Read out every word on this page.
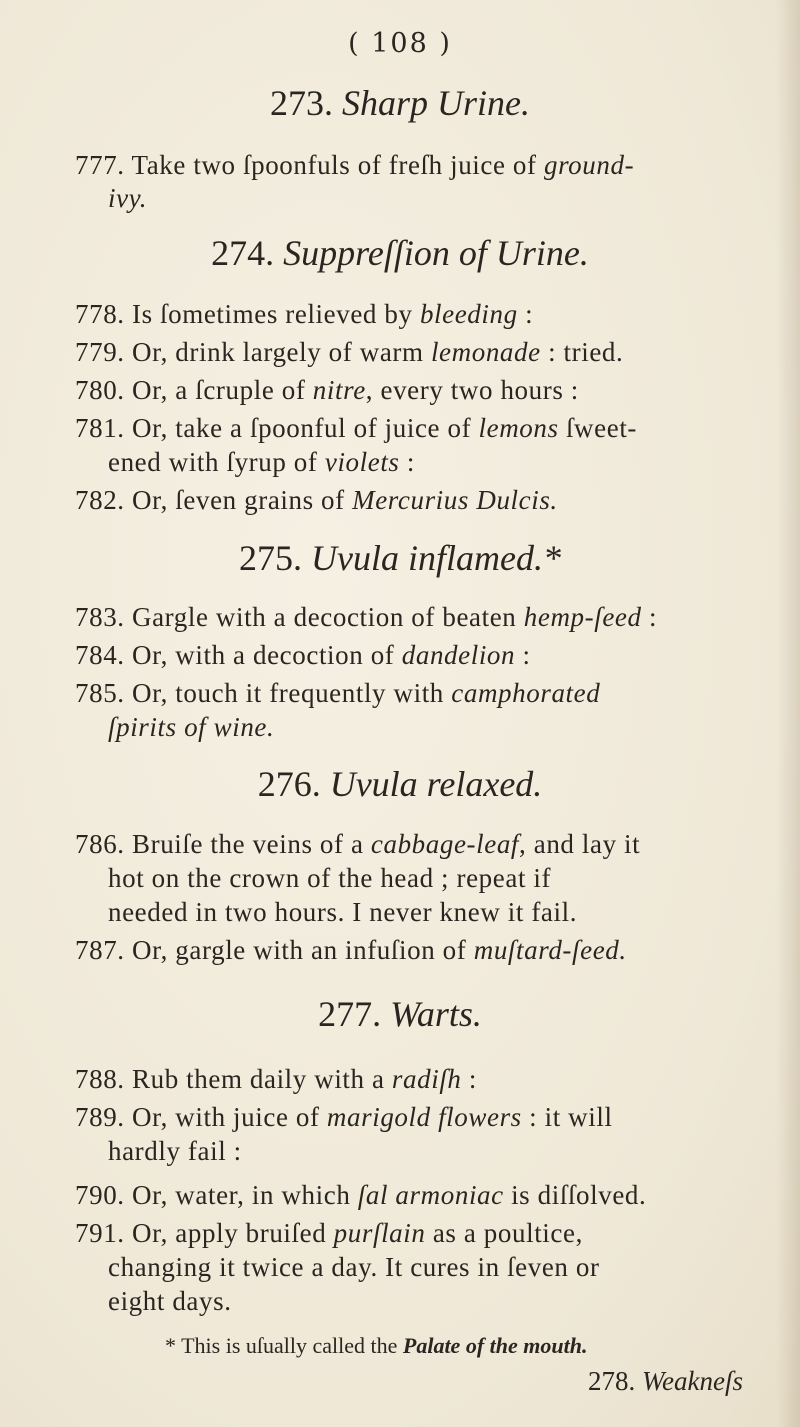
( 108 )
273. Sharp Urine.
777. Take two ſpoonfuls of freſh juice of ground-
ivy.
274. Suppreſſion of Urine.
778. Is ſometimes relieved by bleeding :
779. Or, drink largely of warm lemonade : tried.
780. Or, a ſcruple of nitre, every two hours :
781. Or, take a ſpoonful of juice of lemons ſweet-
ened with ſyrup of violets :
782. Or, ſeven grains of Mercurius Dulcis.
275. Uvula inflamed.*
783. Gargle with a decoction of beaten hemp-ſeed :
784. Or, with a decoction of dandelion :
785. Or, touch it frequently with camphorated
ſpirits of wine.
276. Uvula relaxed.
786. Bruiſe the veins of a cabbage-leaf, and lay it
hot on the crown of the head ; repeat if
needed in two hours. I never knew it fail.
787. Or, gargle with an infuſion of muſtard-ſeed.
277. Warts.
788. Rub them daily with a radiſh :
789. Or, with juice of marigold flowers : it will
hardly fail :
790. Or, water, in which ſal armoniac is diſſolved.
791. Or, apply bruiſed purſlain as a poultice,
changing it twice a day. It cures in ſeven or
eight days.
* This is uſually called the Palate of the mouth.
278. Weakneſs
